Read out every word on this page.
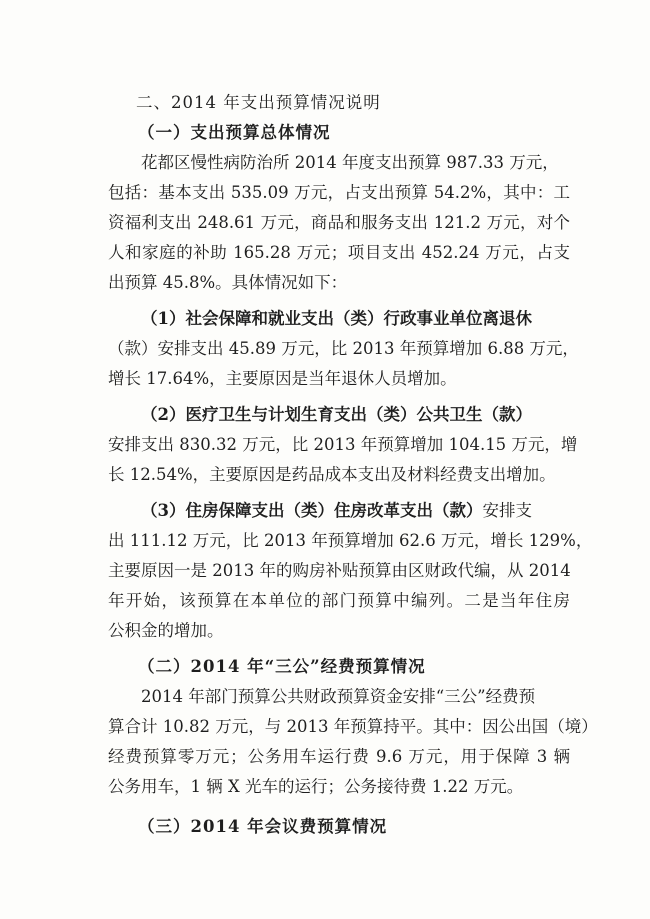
二、2014 年支出预算情况说明

（一）支出预算总体情况

花都区慢性病防治所 2014 年度支出预算 987.33 万元，

包括：基本支出 535.09 万元，占支出预算 54.2%，其中：工

资福利支出 248.61 万元，商品和服务支出 121.2 万元，对个

人和家庭的补助 165.28 万元；项目支出 452.24 万元，占支

出预算 45.8%。具体情况如下：

（1）社会保障和就业支出（类）行政事业单位离退休

（款）安排支出 45.89 万元，比 2013 年预算增加 6.88 万元，

增长 17.64%，主要原因是当年退休人员增加。

（2）医疗卫生与计划生育支出（类）公共卫生（款）

安排支出 830.32 万元，比 2013 年预算增加 104.15 万元，增

长 12.54%，主要原因是药品成本支出及材料经费支出增加。

（3）住房保障支出（类）住房改革支出（款）安排支

出 111.12 万元，比 2013 年预算增加 62.6 万元，增长 129%，

主要原因一是 2013 年的购房补贴预算由区财政代编，从 2014

年开始，该预算在本单位的部门预算中编列。二是当年住房

公积金的增加。

（二）2014 年“三公”经费预算情况

2014 年部门预算公共财政预算资金安排“三公”经费预

算合计 10.82 万元，与 2013 年预算持平。其中：因公出国（境）

经费预算零万元；公务用车运行费 9.6 万元，用于保障 3 辆

公务用车，1 辆 X 光车的运行；公务接待费 1.22 万元。

（三）2014 年会议费预算情况
